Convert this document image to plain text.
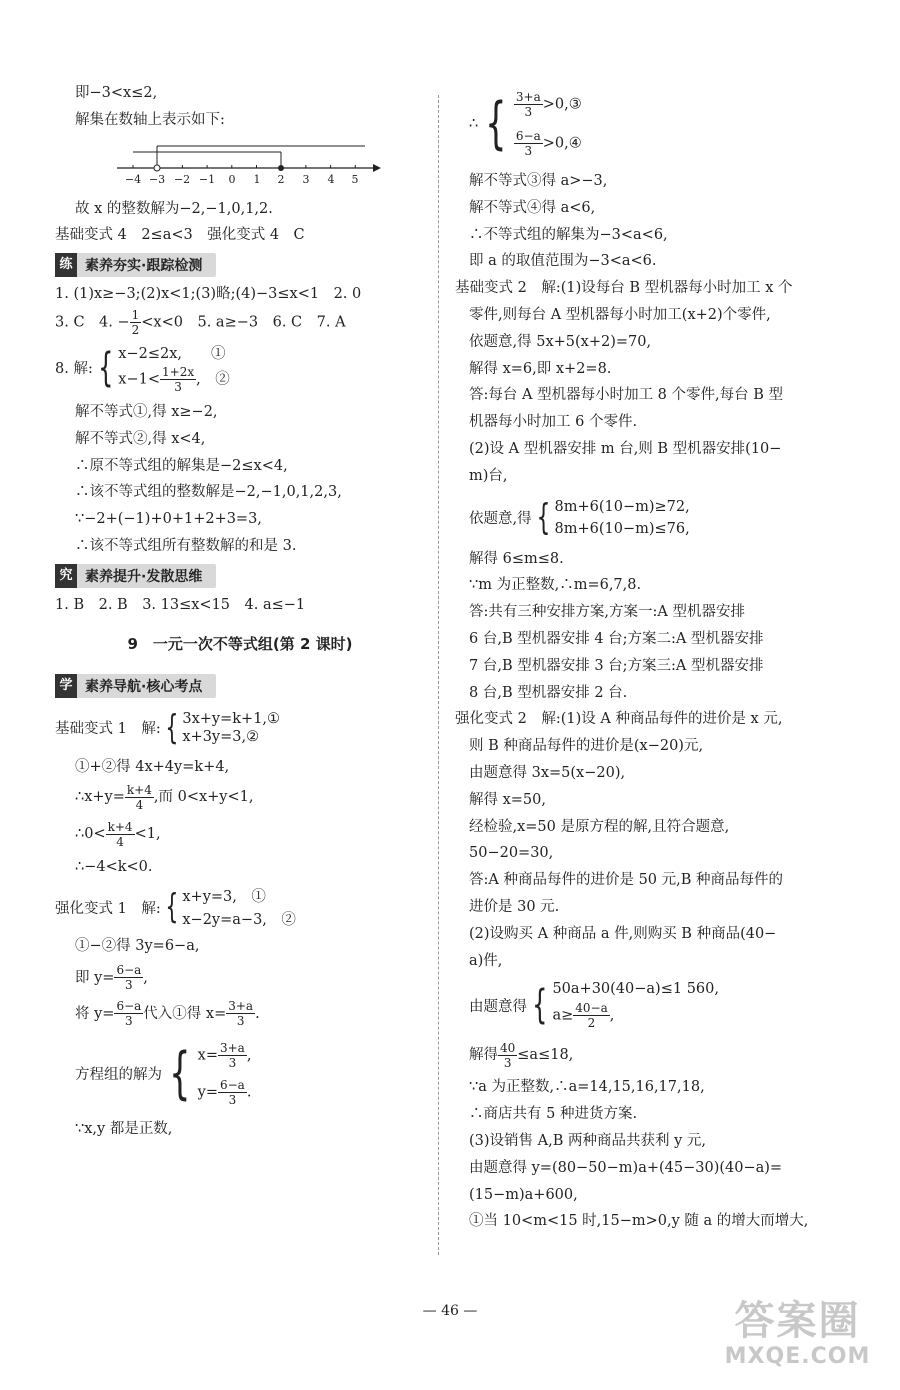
即−3<x≤2,
解集在数轴上表示如下:
−4 −3 −2 −1 0 1 2 3 4 5
故 x 的整数解为−2,−1,0,1,2.
基础变式 4　2≤a<3　强化变式 4　C
练 素养夯实·跟踪检测
1. (1)x≥−3;(2)x<1;(3)略;(4)−3≤x<1　2. 0
3. C　4. − $\frac{1}{2} <x<0$　5. a≥−3　6. C　7. A
8. 解: { x−2≤2x,　　①
$x-1< \frac{1+2x}{3}$ ,　②
解不等式①,得 x≥−2,
解不等式②,得 x<4,
∴原不等式组的解集是−2≤x<4,
∴该不等式组的整数解是−2,−1,0,1,2,3,
∵−2+(−1)+0+1+2+3=3,
∴该不等式组所有整数解的和是 3.
究 素养提升·发散思维
1. B　2. B　3. 13≤x<15　4. a≤−1
9　一元一次不等式组(第 2 课时)
学 素养导航·核心考点
基础变式 1　解: { 3x+y=k+1,①
x+3y=3,②
①+②得 4x+4y=k+4,
∴x+y= $\frac{k+4}{4}$ ,而 0<x+y<1,
∴0< $\frac{k+4}{4} <1$,
∴−4<k<0.
强化变式 1　解: { x+y=3,　①
x−2y=a−3,　②
①−②得 3y=6−a,
即 $y= \frac{6-a}{3}$ ,
将 $y= \frac{6-a}{3}$ 代入①得 $x= \frac{3+a}{3}$ .
方程组的解为 { $x= \frac{3+a}{3}$ ,
$y= \frac{6-a}{3}$ .
∵x,y 都是正数,
∴ { $\frac{3+a}{3}$ >0,③
$\frac{6-a}{3}$ >0,④
解不等式③得 a>−3,
解不等式④得 a<6,
∴不等式组的解集为−3<a<6,
即 a 的取值范围为−3<a<6.
基础变式 2　解:(1)设每台 B 型机器每小时加工 x 个
零件,则每台 A 型机器每小时加工(x+2)个零件,
依题意,得 5x+5(x+2)=70,
解得 x=6,即 x+2=8.
答:每台 A 型机器每小时加工 8 个零件,每台 B 型
机器每小时加工 6 个零件.
(2)设 A 型机器安排 m 台,则 B 型机器安排(10−
m)台,
依题意,得 { 8m+6(10−m)≥72,
8m+6(10−m)≤76,
解得 6≤m≤8.
∵m 为正整数,∴m=6,7,8.
答:共有三种安排方案,方案一:A 型机器安排
6 台,B 型机器安排 4 台;方案二:A 型机器安排
7 台,B 型机器安排 3 台;方案三:A 型机器安排
8 台,B 型机器安排 2 台.
强化变式 2　解:(1)设 A 种商品每件的进价是 x 元,
则 B 种商品每件的进价是(x−20)元,
由题意得 3x=5(x−20),
解得 x=50,
经检验,x=50 是原方程的解,且符合题意,
50−20=30,
答:A 种商品每件的进价是 50 元,B 种商品每件的
进价是 30 元.
(2)设购买 A 种商品 a 件,则购买 B 种商品(40−
a)件,
由题意得 { 50a+30(40−a)≤1 560,
$a\ge \frac{40-a}{2}$ ,
解得 $\frac{40}{3} \le a\le 18$,
∵a 为正整数,∴a=14,15,16,17,18,
∴商店共有 5 种进货方案.
(3)设销售 A,B 两种商品共获利 y 元,
由题意得 y=(80−50−m)a+(45−30)(40−a)=
(15−m)a+600,
①当 10<m<15 时,15−m>0,y 随 a 的增大而增大,
— 46 —	答案圈
MXQE.COM
